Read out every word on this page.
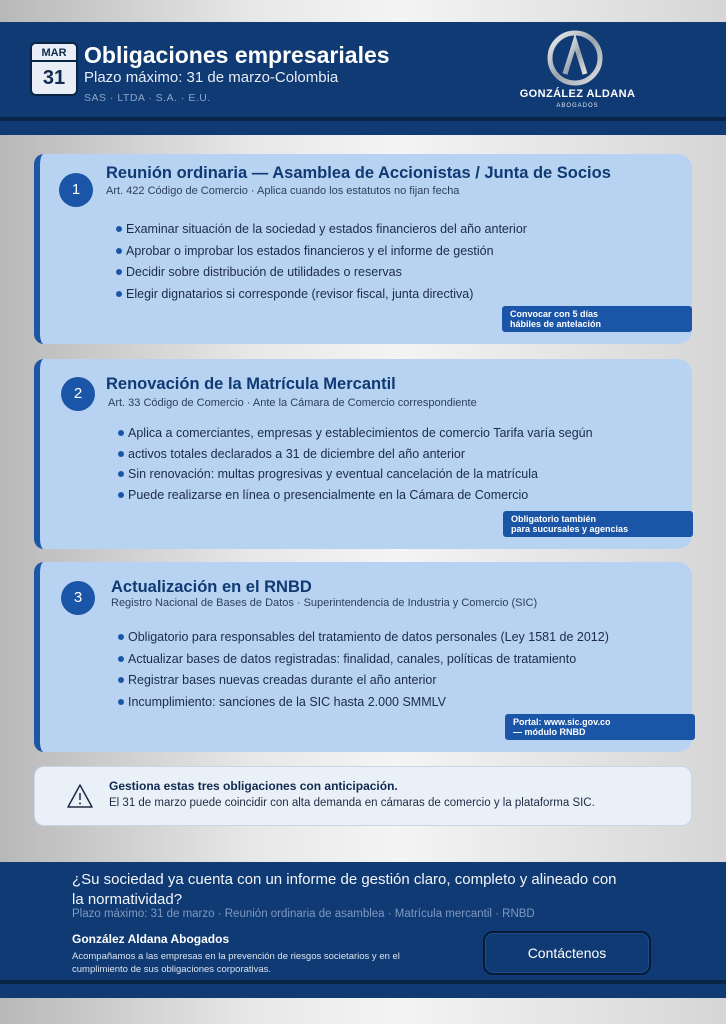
MAR
31
Obligaciones empresariales
Plazo máximo: 31 de marzo-Colombia
SAS · LTDA · S.A. · E.U.	GONZÁLEZ ALDANA
ABOGADOS
1
Reunión ordinaria — Asamblea de Accionistas / Junta de Socios
Art. 422 Código de Comercio · Aplica cuando los estatutos no fijan fecha
Examinar situación de la sociedad y estados financieros del año anterior
Aprobar o improbar los estados financieros y el informe de gestión
Decidir sobre distribución de utilidades o reservas
Elegir dignatarios si corresponde (revisor fiscal, junta directiva)
Convocar con 5 días
hábiles de antelación
2
Renovación de la Matrícula Mercantil
Art. 33 Código de Comercio · Ante la Cámara de Comercio correspondiente
Aplica a comerciantes, empresas y establecimientos de comercio Tarifa varía según
activos totales declarados a 31 de diciembre del año anterior
Sin renovación: multas progresivas y eventual cancelación de la matrícula
Puede realizarse en línea o presencialmente en la Cámara de Comercio
Obligatorio también
para sucursales y agencias
3
Actualización en el RNBD
Registro Nacional de Bases de Datos · Superintendencia de Industria y Comercio (SIC)
Obligatorio para responsables del tratamiento de datos personales (Ley 1581 de 2012)
Actualizar bases de datos registradas: finalidad, canales, políticas de tratamiento
Registrar bases nuevas creadas durante el año anterior
Incumplimiento: sanciones de la SIC hasta 2.000 SMMLV
Portal: www.sic.gov.co
— módulo RNBD
Gestiona estas tres obligaciones con anticipación.
El 31 de marzo puede coincidir con alta demanda en cámaras de comercio y la plataforma SIC.
¿Su sociedad ya cuenta con un informe de gestión claro, completo y alineado con la normatividad?
Plazo máximo: 31 de marzo · Reunión ordinaria de asamblea · Matrícula mercantil · RNBD
González Aldana Abogados
Acompañamos a las empresas en la prevención de riesgos societarios y en el cumplimiento de sus obligaciones corporativas.
Contáctenos
